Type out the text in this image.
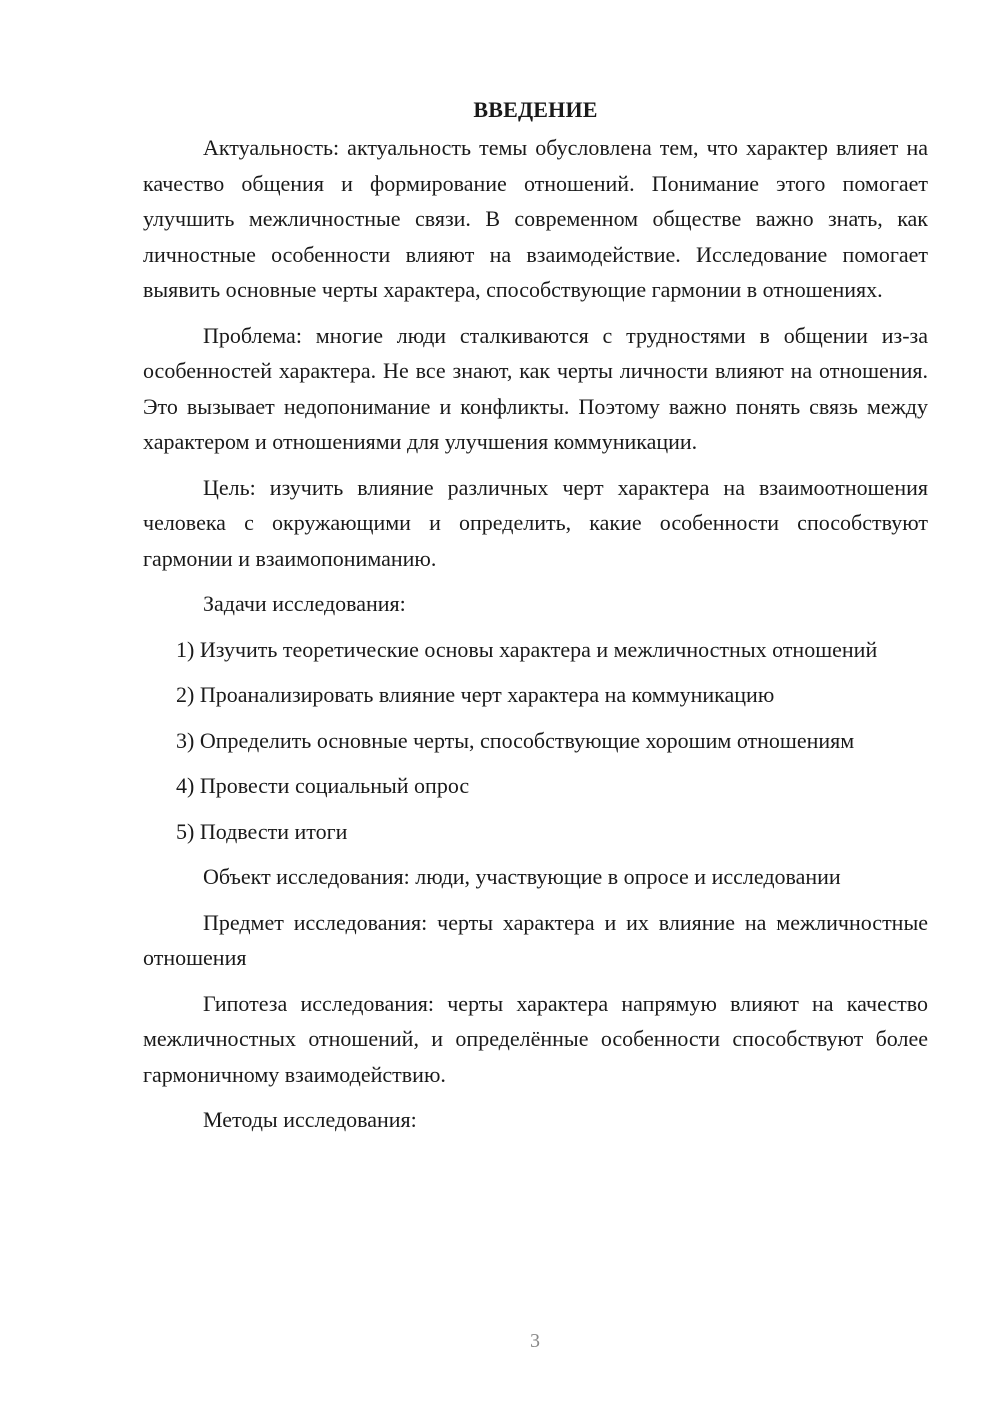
ВВЕДЕНИЕ

Актуальность: актуальность темы обусловлена тем, что характер влияет на качество общения и формирование отношений. Понимание этого помогает улучшить межличностные связи. В современном обществе важно знать, как личностные особенности влияют на взаимодействие. Исследование помогает выявить основные черты характера, способствующие гармонии в отношениях.

Проблема: многие люди сталкиваются с трудностями в общении из-за особенностей характера. Не все знают, как черты личности влияют на отношения. Это вызывает недопонимание и конфликты. Поэтому важно понять связь между характером и отношениями для улучшения коммуникации.

Цель: изучить влияние различных черт характера на взаимоотношения человека с окружающими и определить, какие особенности способствуют гармонии и взаимопониманию.

Задачи исследования:

1) Изучить теоретические основы характера и межличностных отношений

2) Проанализировать влияние черт характера на коммуникацию

3) Определить основные черты, способствующие хорошим отношениям

4) Провести социальный опрос

5) Подвести итоги

Объект исследования: люди, участвующие в опросе и исследовании

Предмет исследования: черты характера и их влияние на межличностные отношения

Гипотеза исследования: черты характера напрямую влияют на качество межличностных отношений, и определённые особенности способствуют более гармоничному взаимодействию.

Методы исследования:

3
